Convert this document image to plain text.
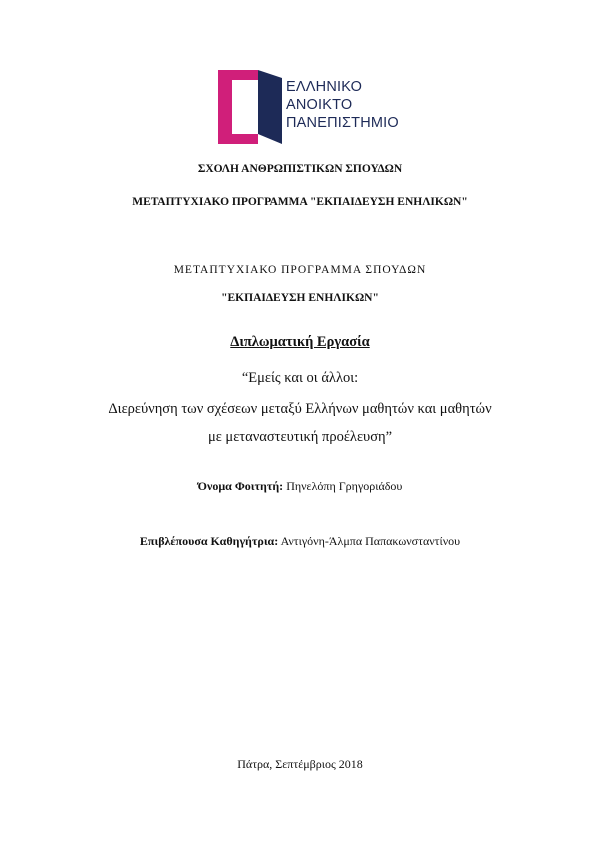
ΕΛΛΗΝΙΚΟ
ΑΝΟΙΚΤΟ
ΠΑΝΕΠΙΣΤΗΜΙΟ
ΣΧΟΛΗ ΑΝΘΡΩΠΙΣΤΙΚΩΝ ΣΠΟΥΔΩΝ
ΜΕΤΑΠΤΥΧΙΑΚΟ ΠΡΟΓΡΑΜΜΑ "ΕΚΠΑΙΔΕΥΣΗ ΕΝΗΛΙΚΩΝ"
ΜΕΤΑΠΤΥΧΙΑΚΟ ΠΡΟΓΡΑΜΜΑ ΣΠΟΥΔΩΝ
"ΕΚΠΑΙΔΕΥΣΗ ΕΝΗΛΙΚΩΝ"
Διπλωματική Εργασία
“Εμείς και οι άλλοι:
Διερεύνηση των σχέσεων μεταξύ Ελλήνων μαθητών και μαθητών
με μεταναστευτική προέλευση”
Όνομα Φοιτητή: Πηνελόπη Γρηγοριάδου
Επιβλέπουσα Καθηγήτρια: Αντιγόνη-Άλμπα Παπακωνσταντίνου
Πάτρα, Σεπτέμβριος 2018
